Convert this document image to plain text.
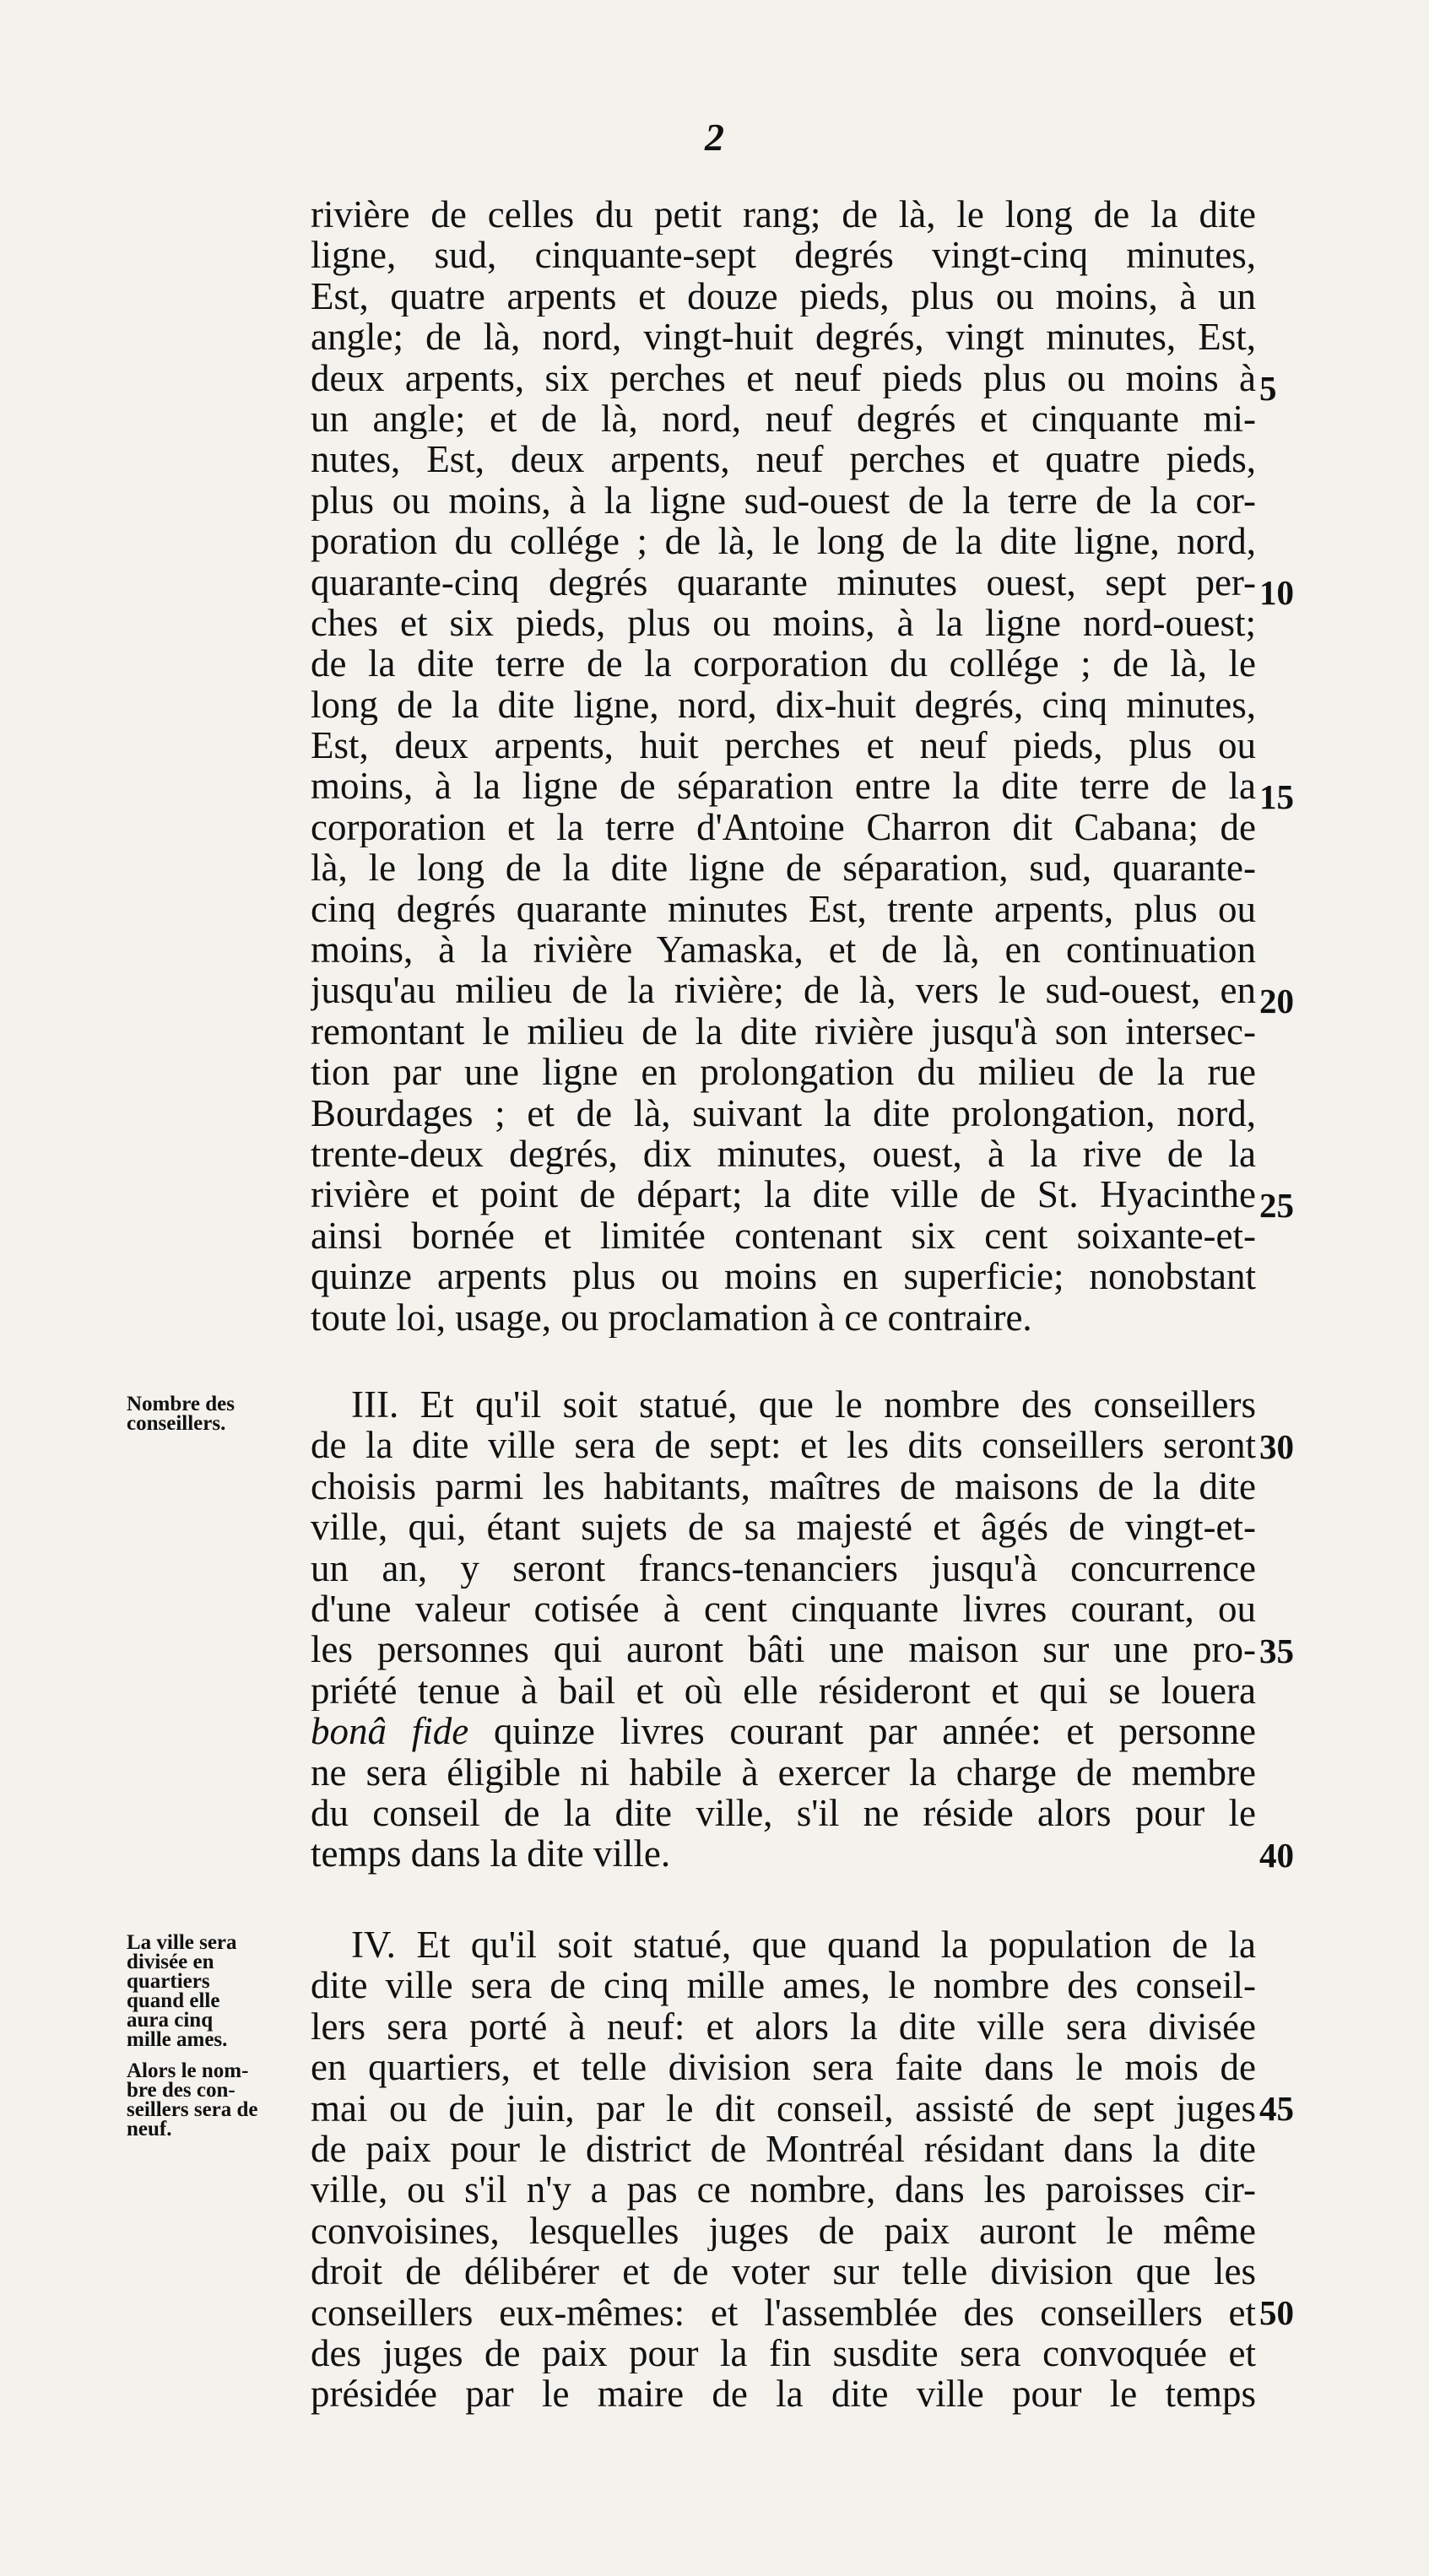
2
rivière de celles du petit rang; de là, le long de la dite
ligne, sud, cinquante-sept degrés vingt-cinq minutes,
Est, quatre arpents et douze pieds, plus ou moins, à un
angle; de là, nord, vingt-huit degrés, vingt minutes, Est,
deux arpents, six perches et neuf pieds plus ou moins à
un angle; et de là, nord, neuf degrés et cinquante mi-
nutes, Est, deux arpents, neuf perches et quatre pieds,
plus ou moins, à la ligne sud-ouest de la terre de la cor-
poration du collége ; de là, le long de la dite ligne, nord,
quarante-cinq degrés quarante minutes ouest, sept per-
ches et six pieds, plus ou moins, à la ligne nord-ouest;
de la dite terre de la corporation du collége ; de là, le
long de la dite ligne, nord, dix-huit degrés, cinq minutes,
Est, deux arpents, huit perches et neuf pieds, plus ou
moins, à la ligne de séparation entre la dite terre de la
corporation et la terre d'Antoine Charron dit Cabana; de
là, le long de la dite ligne de séparation, sud, quarante-
cinq degrés quarante minutes Est, trente arpents, plus ou
moins, à la rivière Yamaska, et de là, en continuation
jusqu'au milieu de la rivière; de là, vers le sud-ouest, en
remontant le milieu de la dite rivière jusqu'à son intersec-
tion par une ligne en prolongation du milieu de la rue
Bourdages ; et de là, suivant la dite prolongation, nord,
trente-deux degrés, dix minutes, ouest, à la rive de la
rivière et point de départ; la dite ville de St. Hyacinthe
ainsi bornée et limitée contenant six cent soixante-et-
quinze arpents plus ou moins en superficie; nonobstant
toute loi, usage, ou proclamation à ce contraire.
III. Et qu'il soit statué, que le nombre des conseillers
de la dite ville sera de sept: et les dits conseillers seront
choisis parmi les habitants, maîtres de maisons de la dite
ville, qui, étant sujets de sa majesté et âgés de vingt-et-
un an, y seront francs-tenanciers jusqu'à concurrence
d'une valeur cotisée à cent cinquante livres courant, ou
les personnes qui auront bâti une maison sur une pro-
priété tenue à bail et où elle résideront et qui se louera
bonâ fide quinze livres courant par année: et personne
ne sera éligible ni habile à exercer la charge de membre
du conseil de la dite ville, s'il ne réside alors pour le
temps dans la dite ville.
IV. Et qu'il soit statué, que quand la population de la
dite ville sera de cinq mille ames, le nombre des conseil-
lers sera porté à neuf: et alors la dite ville sera divisée
en quartiers, et telle division sera faite dans le mois de
mai ou de juin, par le dit conseil, assisté de sept juges
de paix pour le district de Montréal résidant dans la dite
ville, ou s'il n'y a pas ce nombre, dans les paroisses cir-
convoisines, lesquelles juges de paix auront le même
droit de délibérer et de voter sur telle division que les
conseillers eux-mêmes: et l'assemblée des conseillers et
des juges de paix pour la fin susdite sera convoquée et
présidée par le maire de la dite ville pour le temps
5
10
15
20
25
30
35
40
45
50
Nombre des
conseillers.
La ville sera
divisée en
quartiers
quand elle
aura cinq
mille ames.
Alors le nom-
bre des con-
seillers sera de
neuf.
